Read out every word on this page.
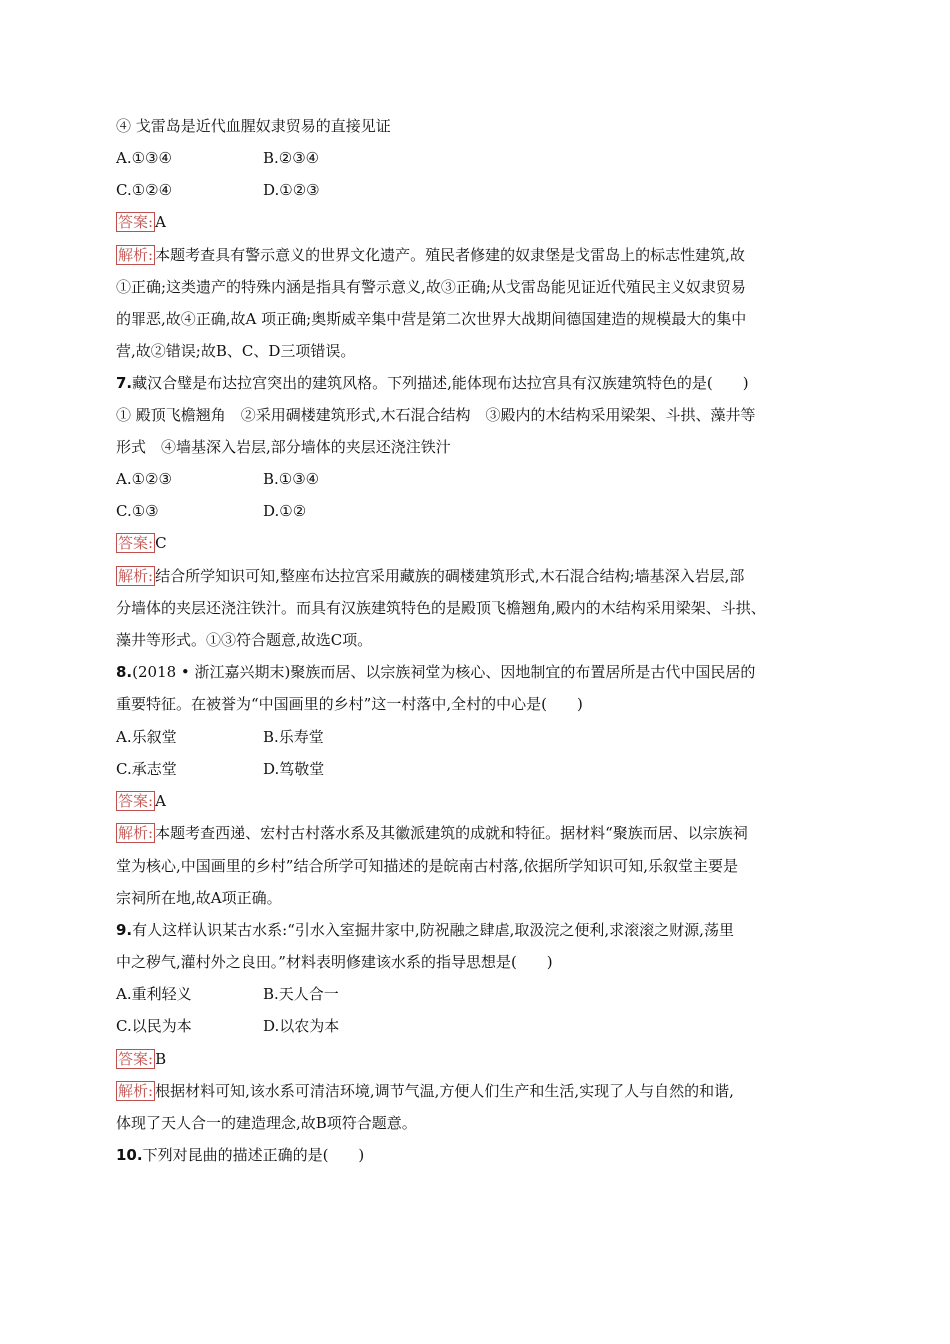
④ 戈雷岛是近代血腥奴隶贸易的直接见证
A.①③④	B.②③④
C.①②④	D.①②③
答案: A
解析: 本题考查具有警示意义的世界文化遗产。殖民者修建的奴隶堡是戈雷岛上的标志性建筑,故
①正确;这类遗产的特殊内涵是指具有警示意义,故③正确;从戈雷岛能见证近代殖民主义奴隶贸易
的罪恶,故④正确,故A 项正确;奥斯威辛集中营是第二次世界大战期间德国建造的规模最大的集中
营,故②错误;故B、C、D三项错误。
7.藏汉合璧是布达拉宫突出的建筑风格。下列描述,能体现布达拉宫具有汉族建筑特色的是(　　)
① 殿顶飞檐翘角　②采用碉楼建筑形式,木石混合结构　③殿内的木结构采用梁架、斗拱、藻井等
形式　④墙基深入岩层,部分墙体的夹层还浇注铁汁
A.①②③	B.①③④
C.①③	D.①②
答案: C
解析: 结合所学知识可知,整座布达拉宫采用藏族的碉楼建筑形式,木石混合结构;墙基深入岩层,部
分墙体的夹层还浇注铁汁。而具有汉族建筑特色的是殿顶飞檐翘角,殿内的木结构采用梁架、斗拱、
藻井等形式。①③符合题意,故选C项。
8.(2018 • 浙江嘉兴期末)聚族而居、以宗族祠堂为核心、因地制宜的布置居所是古代中国民居的
重要特征。在被誉为“中国画里的乡村”这一村落中,全村的中心是(　　)
A.乐叙堂	B.乐寿堂
C.承志堂	D.笃敬堂
答案: A
解析: 本题考查西递、宏村古村落水系及其徽派建筑的成就和特征。据材料“聚族而居、以宗族祠
堂为核心,中国画里的乡村”结合所学可知描述的是皖南古村落,依据所学知识可知,乐叙堂主要是
宗祠所在地,故A项正确。
9.有人这样认识某古水系:“引水入室掘井家中,防祝融之肆虐,取汲浣之便利,求滚滚之财源,荡里
中之秽气,灌村外之良田。”材料表明修建该水系的指导思想是(　　)
A.重利轻义	B.天人合一
C.以民为本	D.以农为本
答案: B
解析: 根据材料可知,该水系可清洁环境,调节气温,方便人们生产和生活,实现了人与自然的和谐,
体现了天人合一的建造理念,故B项符合题意。
10.下列对昆曲的描述正确的是(　　)
